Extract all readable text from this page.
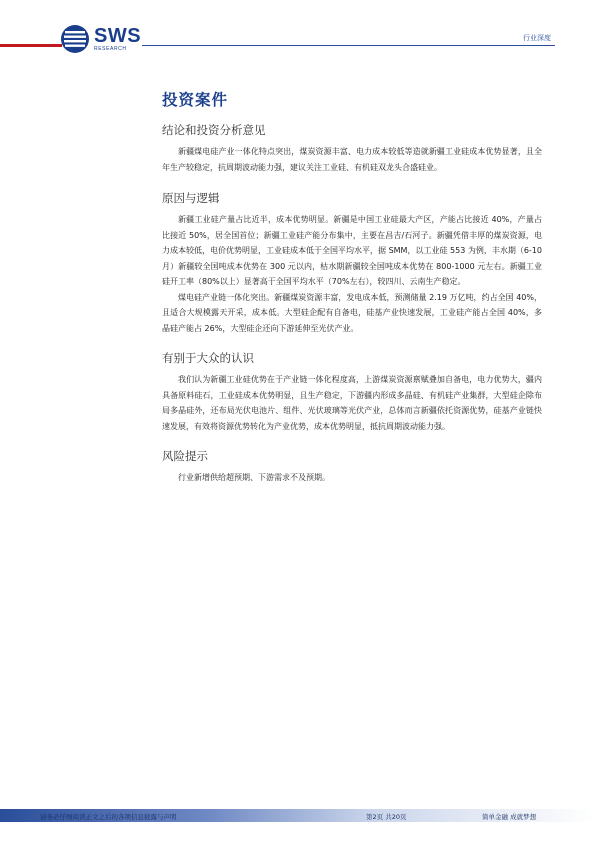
SWS
RESEARCH
行业深度
投资案件
结论和投资分析意见

新疆煤电硅产业一体化特点突出，煤炭资源丰富、电力成本较低等造就新疆工业硅成本优势显著，且全年生产较稳定，抗周期波动能力强，建议关注工业硅、有机硅双龙头合盛硅业。

原因与逻辑

新疆工业硅产量占比近半，成本优势明显。新疆是中国工业硅最大产区，产能占比接近 40%，产量占比接近 50%，居全国首位；新疆工业硅产能分布集中，主要在昌吉/石河子。新疆凭借丰厚的煤炭资源，电力成本较低，电价优势明显，工业硅成本低于全国平均水平，据 SMM，以工业硅 553 为例，丰水期（6-10 月）新疆较全国吨成本优势在 300 元以内，枯水期新疆较全国吨成本优势在 800-1000 元左右。新疆工业硅开工率（80%以上）显著高于全国平均水平（70%左右），较四川、云南生产稳定。

煤电硅产业链一体化突出。新疆煤炭资源丰富，发电成本低，预测储量 2.19 万亿吨，约占全国 40%，且适合大规模露天开采，成本低。大型硅企配有自备电，硅基产业快速发展，工业硅产能占全国 40%，多晶硅产能占 26%，大型硅企还向下游延伸至光伏产业。

有别于大众的认识

我们认为新疆工业硅优势在于产业链一体化程度高，上游煤炭资源禀赋叠加自备电，电力优势大，疆内具备原料硅石，工业硅成本优势明显，且生产稳定，下游疆内形成多晶硅、有机硅产业集群，大型硅企除布局多晶硅外，还布局光伏电池片、组件、光伏玻璃等光伏产业，总体而言新疆依托资源优势，硅基产业链快速发展，有效将资源优势转化为产业优势，成本优势明显，抵抗周期波动能力强。

风险提示

行业新增供给超预期、下游需求不及预期。

请务必仔细阅读正文之后的各项信息披露与声明	第2页 共20页	简单金融 成就梦想
